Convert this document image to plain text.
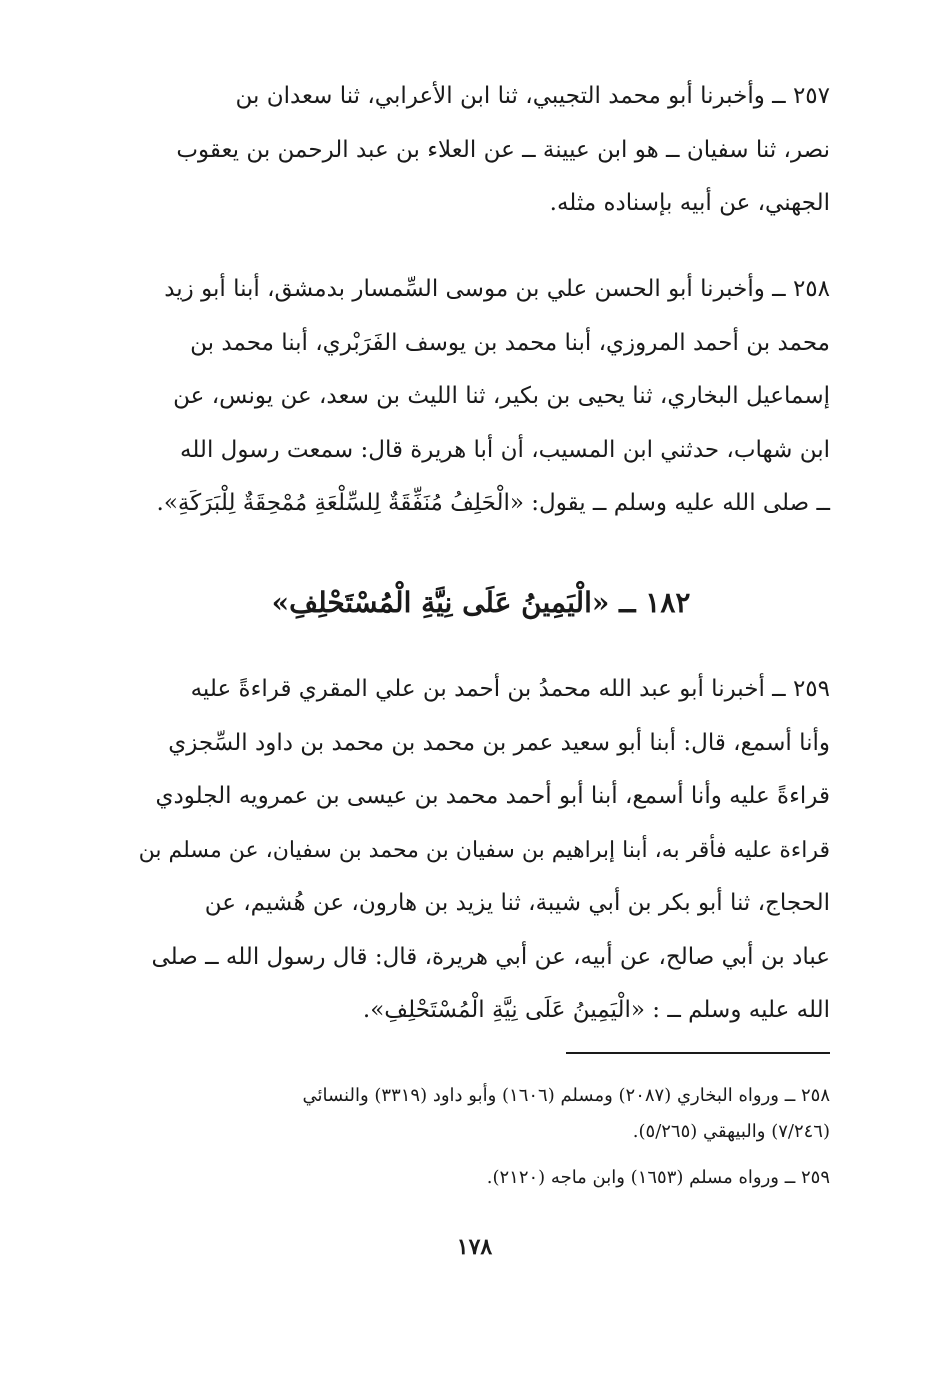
٢٥٧ ــ وأخبرنا أبو محمد التجيبي، ثنا ابن الأعرابي، ثنا سعدان بن

نصر، ثنا سفيان ــ هو ابن عيينة ــ عن العلاء بن عبد الرحمن بن يعقوب

الجهني، عن أبيه بإسناده مثله.

٢٥٨ ــ وأخبرنا أبو الحسن علي بن موسى السِّمسار بدمشق، أبنا أبو زيد

محمد بن أحمد المروزي، أبنا محمد بن يوسف الفَرَبْري، أبنا محمد بن

إسماعيل البخاري، ثنا يحيى بن بكير، ثنا الليث بن سعد، عن يونس، عن

ابن شهاب، حدثني ابن المسيب، أن أبا هريرة قال: سمعت رسول الله

ــ صلى الله عليه وسلم ــ يقول: «الْحَلِفُ مُنَفِّقَةٌ لِلسِّلْعَةِ مُمْحِقَةٌ لِلْبَرَكَةِ».

١٨٢ ــ «الْيَمِينُ عَلَى نِيَّةِ الْمُسْتَحْلِفِ»

٢٥٩ ــ أخبرنا أبو عبد الله محمدُ بن أحمد بن علي المقري قراءةً عليه

وأنا أسمع، قال: أبنا أبو سعيد عمر بن محمد بن محمد بن داود السِّجزي

قراءةً عليه وأنا أسمع، أبنا أبو أحمد محمد بن عيسى بن عمرويه الجلودي

قراءة عليه فأقر به، أبنا إبراهيم بن سفيان بن محمد بن سفيان، عن مسلم بن

الحجاج، ثنا أبو بكر بن أبي شيبة، ثنا يزيد بن هارون، عن هُشيم، عن

عباد بن أبي صالح، عن أبيه، عن أبي هريرة، قال: قال رسول الله ــ صلى

الله عليه وسلم ــ : «الْيَمِينُ عَلَى نِيَّةِ الْمُسْتَحْلِفِ».

٢٥٨ ــ ورواه البخاري (٢٠٨٧) ومسلم (١٦٠٦) وأبو داود (٣٣١٩) والنسائي

(٧/٢٤٦) والبيهقي (٥/٢٦٥).

٢٥٩ ــ ورواه مسلم (١٦٥٣) وابن ماجه (٢١٢٠).

١٧٨
